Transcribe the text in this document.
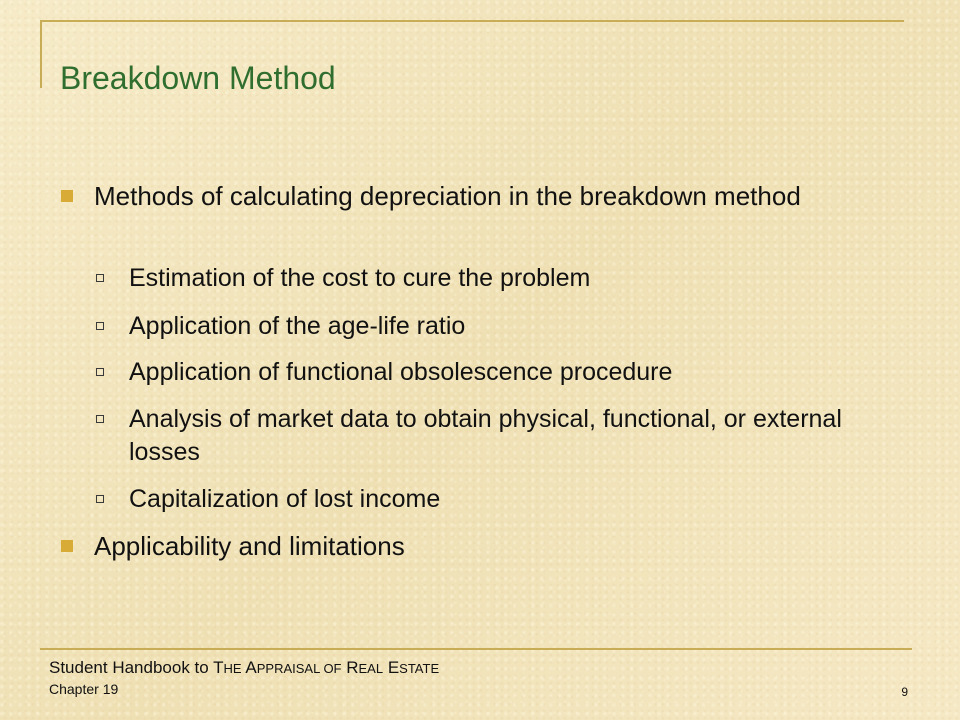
Breakdown Method
Methods of calculating depreciation in the breakdown method
Estimation of the cost to cure the problem
Application of the age-life ratio
Application of functional obsolescence procedure
Analysis of market data to obtain physical, functional, or external losses
Capitalization of lost income
Applicability and limitations
Student Handbook to THE APPRAISAL OF REAL ESTATE
Chapter 19	9
